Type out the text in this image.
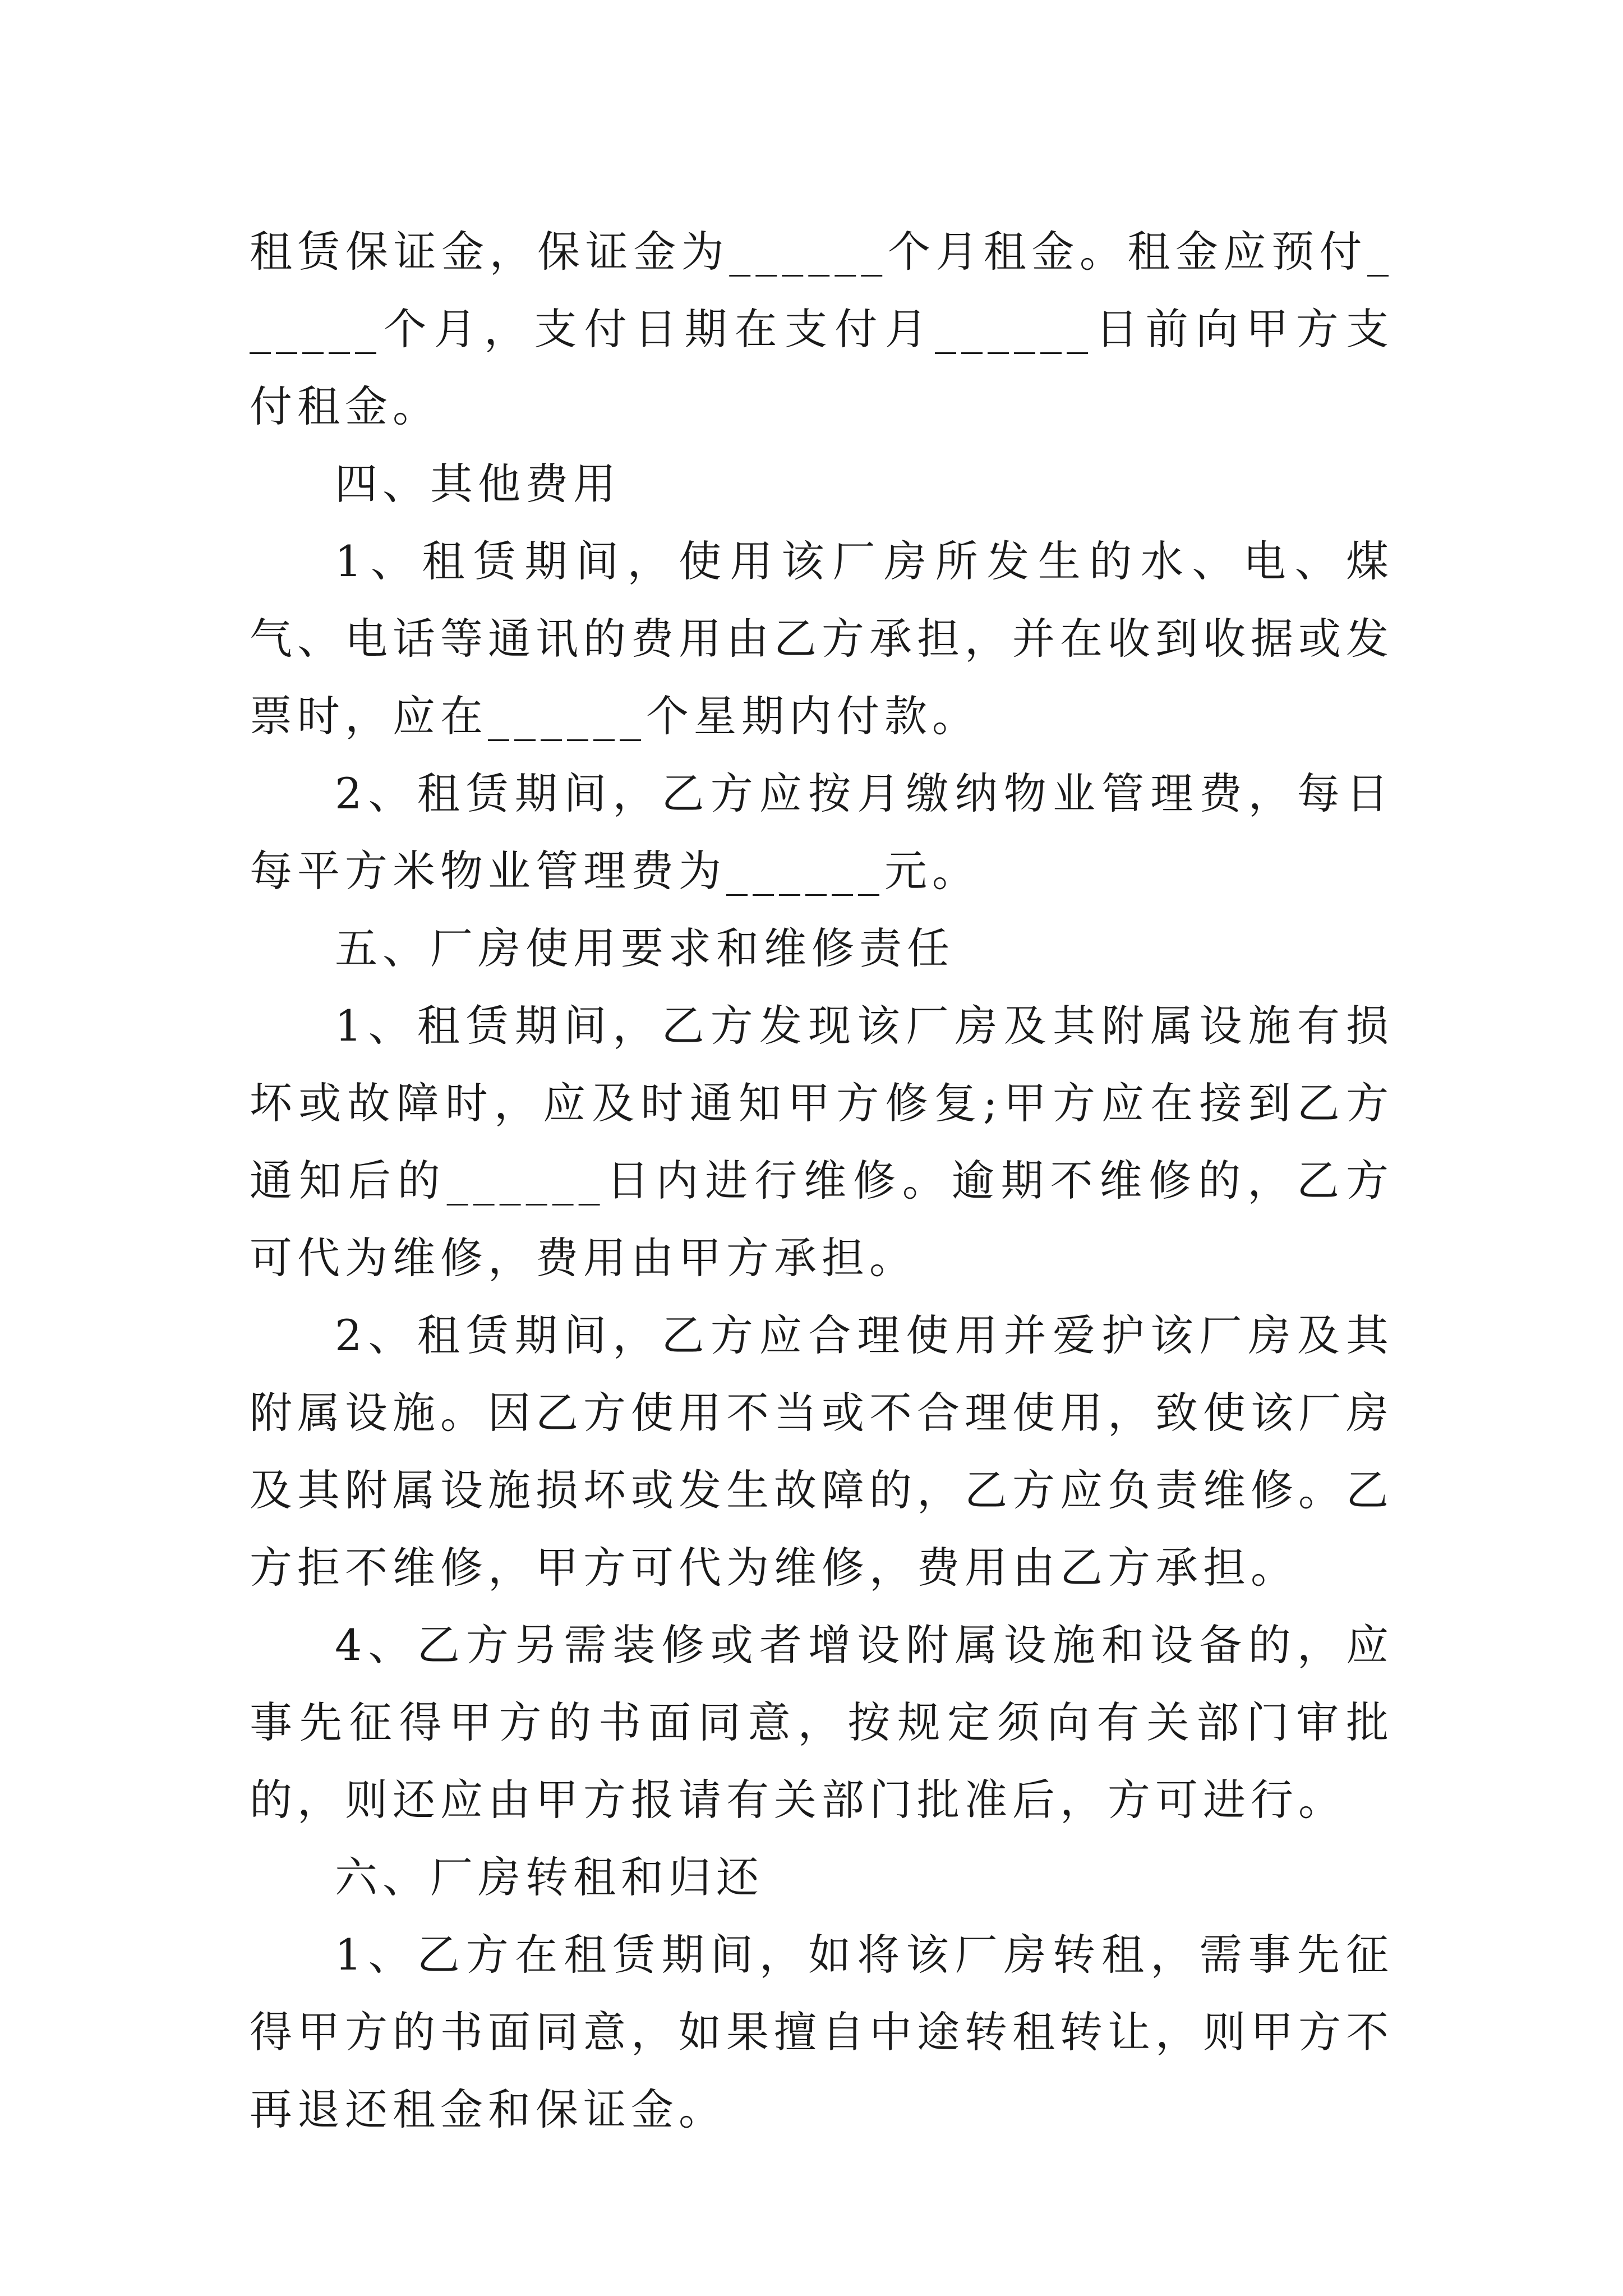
租赁保证金，保证金为______个月租金。租金应预付______个月，支付日期在支付月______日前向甲方支付租金。

四、其他费用

1、租赁期间，使用该厂房所发生的水、电、煤气、电话等通讯的费用由乙方承担，并在收到收据或发票时，应在______个星期内付款。

2、租赁期间，乙方应按月缴纳物业管理费，每日每平方米物业管理费为______元。

五、厂房使用要求和维修责任

1、租赁期间，乙方发现该厂房及其附属设施有损坏或故障时，应及时通知甲方修复;甲方应在接到乙方通知后的______日内进行维修。逾期不维修的，乙方可代为维修，费用由甲方承担。

2、租赁期间，乙方应合理使用并爱护该厂房及其附属设施。因乙方使用不当或不合理使用，致使该厂房及其附属设施损坏或发生故障的，乙方应负责维修。乙方拒不维修，甲方可代为维修，费用由乙方承担。

4、乙方另需装修或者增设附属设施和设备的，应事先征得甲方的书面同意，按规定须向有关部门审批的，则还应由甲方报请有关部门批准后，方可进行。

六、厂房转租和归还

1、乙方在租赁期间，如将该厂房转租，需事先征得甲方的书面同意，如果擅自中途转租转让，则甲方不再退还租金和保证金。
